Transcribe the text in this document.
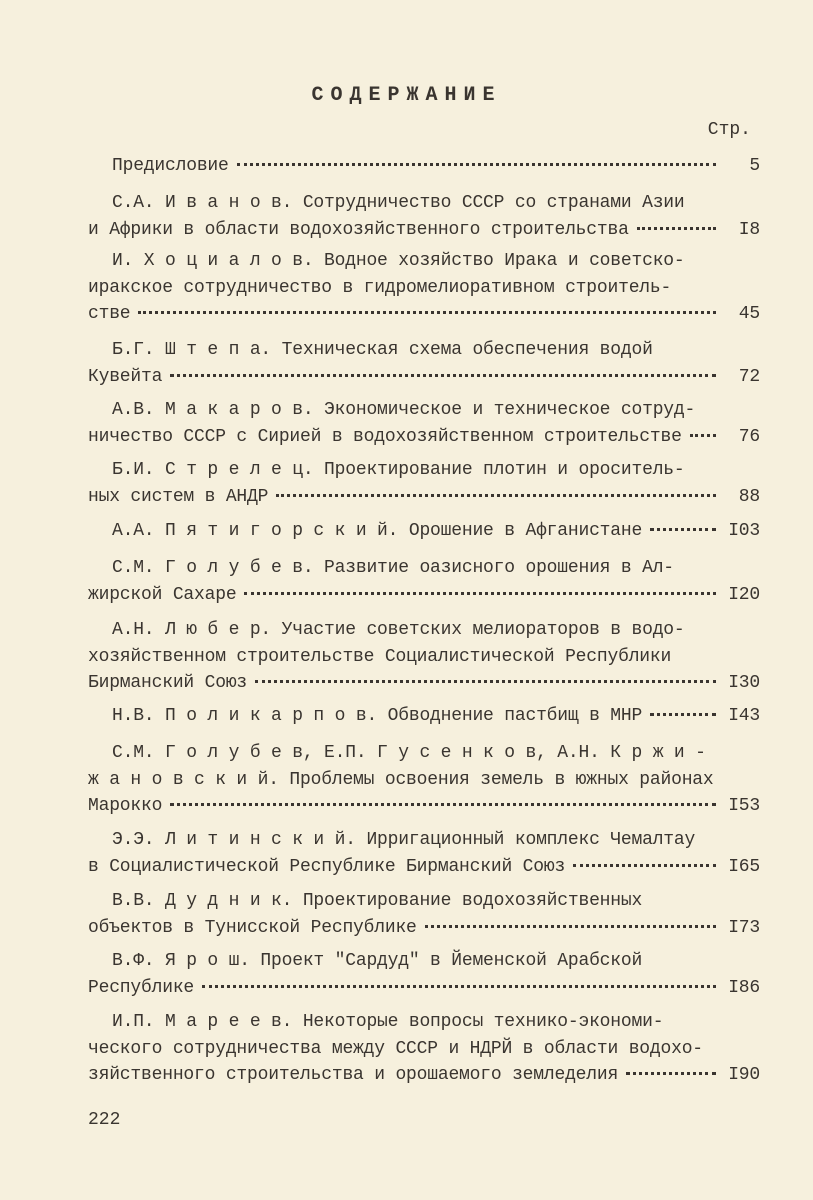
СОДЕРЖАНИЕ
Стр.
Предисловие	5
С.А. И в а н о в. Сотрудничество СССР со странами Азии
и Африки в области водохозяйственного строительства	I8
И. Х о ц и а л о в. Водное хозяйство Ирака и советско-
иракское сотрудничество в гидромелиоративном строитель-
стве	45
Б.Г. Ш т е п а. Техническая схема обеспечения водой
Кувейта	72
А.В. М а к а р о в. Экономическое и техническое сотруд-
ничество СССР с Сирией в водохозяйственном строительстве	76
Б.И. С т р е л е ц. Проектирование плотин и ороситель-
ных систем в АНДР	88
А.А. П я т и г о р с к и й. Орошение в Афганистане	I03
С.М. Г о л у б е в. Развитие оазисного орошения в Ал-
жирской Сахаре	I20
А.Н. Л ю б е р. Участие советских мелиораторов в водо-
хозяйственном строительстве Социалистической Республики
Бирманский Союз	I30
Н.В. П о л и к а р п о в. Обводнение пастбищ в МНР	I43
С.М. Г о л у б е в, Е.П. Г у с е н к о в, А.Н. К р ж и -
ж а н о в с к и й. Проблемы освоения земель в южных районах
Марокко	I53
Э.Э. Л и т и н с к и й. Ирригационный комплекс Чемалтау
в Социалистической Республике Бирманский Союз	I65
В.В. Д у д н и к. Проектирование водохозяйственных
объектов в Тунисской Республике	I73
В.Ф. Я р о ш. Проект "Сардуд" в Йеменской Арабской
Республике	I86
И.П. М а р е е в. Некоторые вопросы технико-экономи-
ческого сотрудничества между СССР и НДРЙ в области водохо-
зяйственного строительства и орошаемого земледелия	I90
222
